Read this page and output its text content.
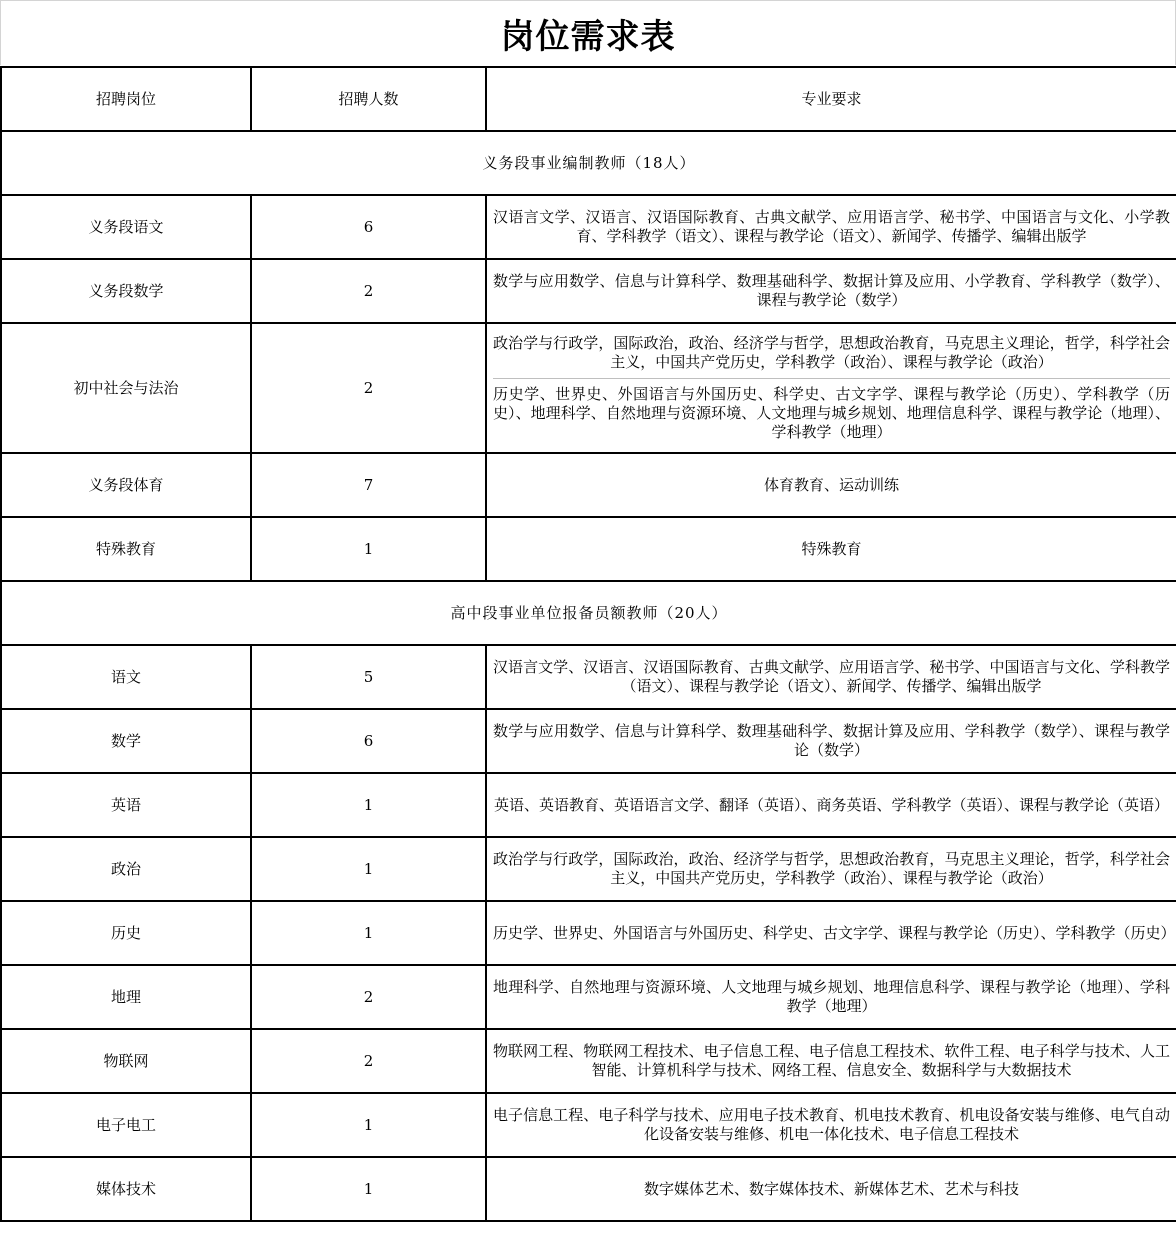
岗位需求表
招聘岗位	招聘人数	专业要求
义务段事业编制教师（18人）		
义务段语文	6	汉语言文学、汉语言、汉语国际教育、古典文献学、应用语言学、秘书学、中国语言与文化、小学教育、学科教学（语文）、课程与教学论（语文）、新闻学、传播学、编辑出版学

义务段数学	2	数学与应用数学、信息与计算科学、数理基础科学、数据计算及应用、小学教育、学科教学（数学）、课程与教学论（数学）

初中社会与法治	2	政治学与行政学，国际政治，政治、经济学与哲学，思想政治教育，马克思主义理论，哲学，科学社会主义，中国共产党历史，学科教学（政治）、课程与教学论（政治）
历史学、世界史、外国语言与外国历史、科学史、古文字学、课程与教学论（历史）、学科教学（历史）、地理科学、自然地理与资源环境、人文地理与城乡规划、地理信息科学、课程与教学论（地理）、学科教学（地理）

义务段体育	7	体育教育、运动训练

特殊教育	1	特殊教育

高中段事业单位报备员额教师（20人）		
语文	5	汉语言文学、汉语言、汉语国际教育、古典文献学、应用语言学、秘书学、中国语言与文化、学科教学（语文）、课程与教学论（语文）、新闻学、传播学、编辑出版学

数学	6	数学与应用数学、信息与计算科学、数理基础科学、数据计算及应用、学科教学（数学）、课程与教学论（数学）

英语	1	英语、英语教育、英语语言文学、翻译（英语）、商务英语、学科教学（英语）、课程与教学论（英语）

政治	1	政治学与行政学，国际政治，政治、经济学与哲学，思想政治教育，马克思主义理论，哲学，科学社会主义，中国共产党历史，学科教学（政治）、课程与教学论（政治）

历史	1	历史学、世界史、外国语言与外国历史、科学史、古文字学、课程与教学论（历史）、学科教学（历史）

地理	2	地理科学、自然地理与资源环境、人文地理与城乡规划、地理信息科学、课程与教学论（地理）、学科教学（地理）

物联网	2	物联网工程、物联网工程技术、电子信息工程、电子信息工程技术、软件工程、电子科学与技术、人工智能、计算机科学与技术、网络工程、信息安全、数据科学与大数据技术

电子电工	1	电子信息工程、电子科学与技术、应用电子技术教育、机电技术教育、机电设备安装与维修、电气自动化设备安装与维修、机电一体化技术、电子信息工程技术

媒体技术	1	数字媒体艺术、数字媒体技术、新媒体艺术、艺术与科技
